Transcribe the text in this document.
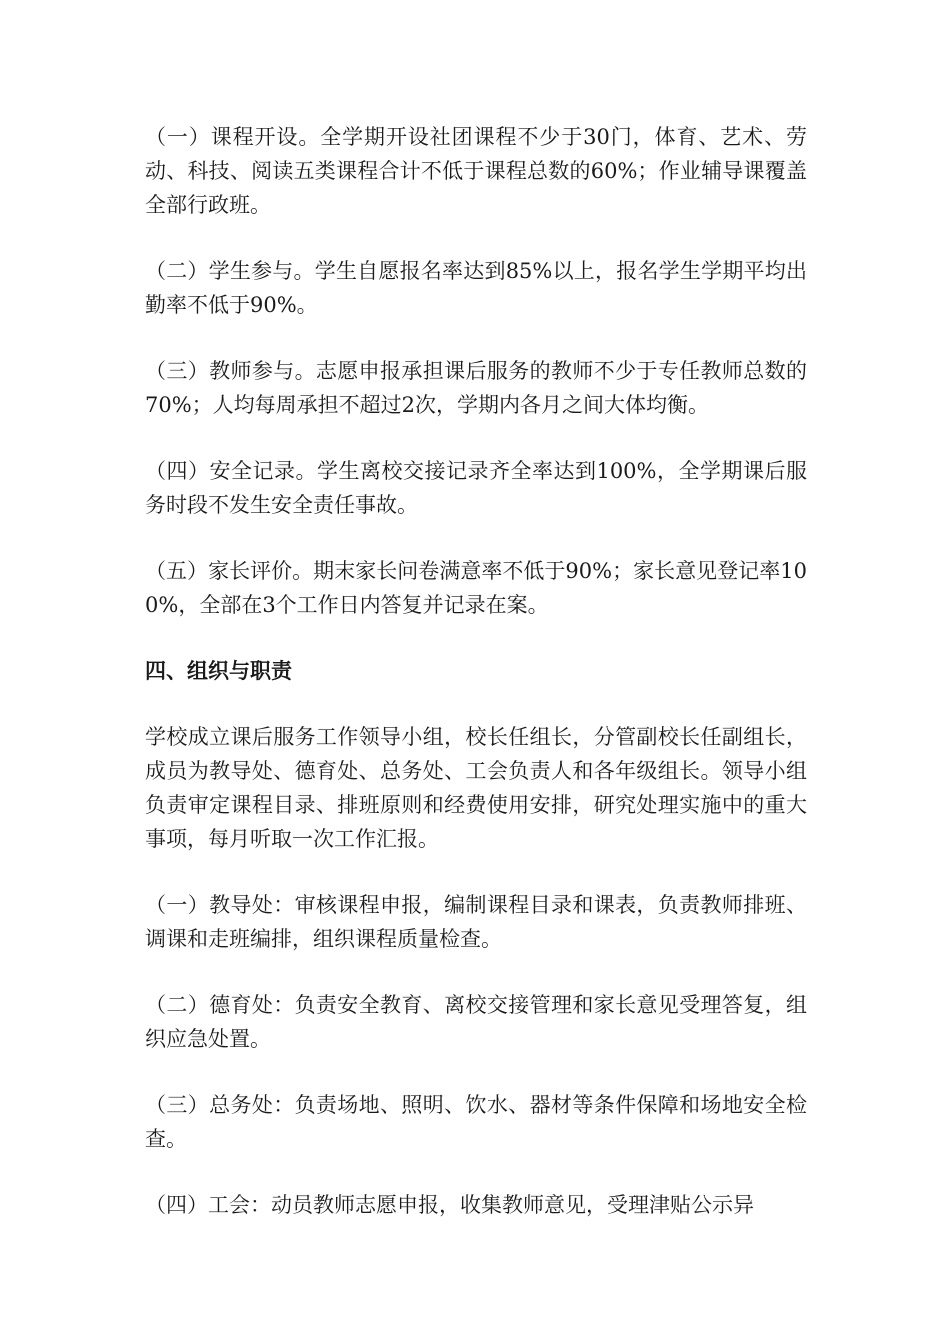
（一）课程开设。全学期开设社团课程不少于30门，体育、艺术、劳动、科技、阅读五类课程合计不低于课程总数的60%；作业辅导课覆盖全部行政班。

（二）学生参与。学生自愿报名率达到85%以上，报名学生学期平均出勤率不低于90%。

（三）教师参与。志愿申报承担课后服务的教师不少于专任教师总数的70%；人均每周承担不超过2次，学期内各月之间大体均衡。

（四）安全记录。学生离校交接记录齐全率达到100%，全学期课后服务时段不发生安全责任事故。

（五）家长评价。期末家长问卷满意率不低于90%；家长意见登记率100%，全部在3个工作日内答复并记录在案。

四、组织与职责

学校成立课后服务工作领导小组，校长任组长，分管副校长任副组长，成员为教导处、德育处、总务处、工会负责人和各年级组长。领导小组负责审定课程目录、排班原则和经费使用安排，研究处理实施中的重大事项，每月听取一次工作汇报。

（一）教导处：审核课程申报，编制课程目录和课表，负责教师排班、调课和走班编排，组织课程质量检查。

（二）德育处：负责安全教育、离校交接管理和家长意见受理答复，组织应急处置。

（三）总务处：负责场地、照明、饮水、器材等条件保障和场地安全检查。

（四）工会：动员教师志愿申报，收集教师意见，受理津贴公示异
